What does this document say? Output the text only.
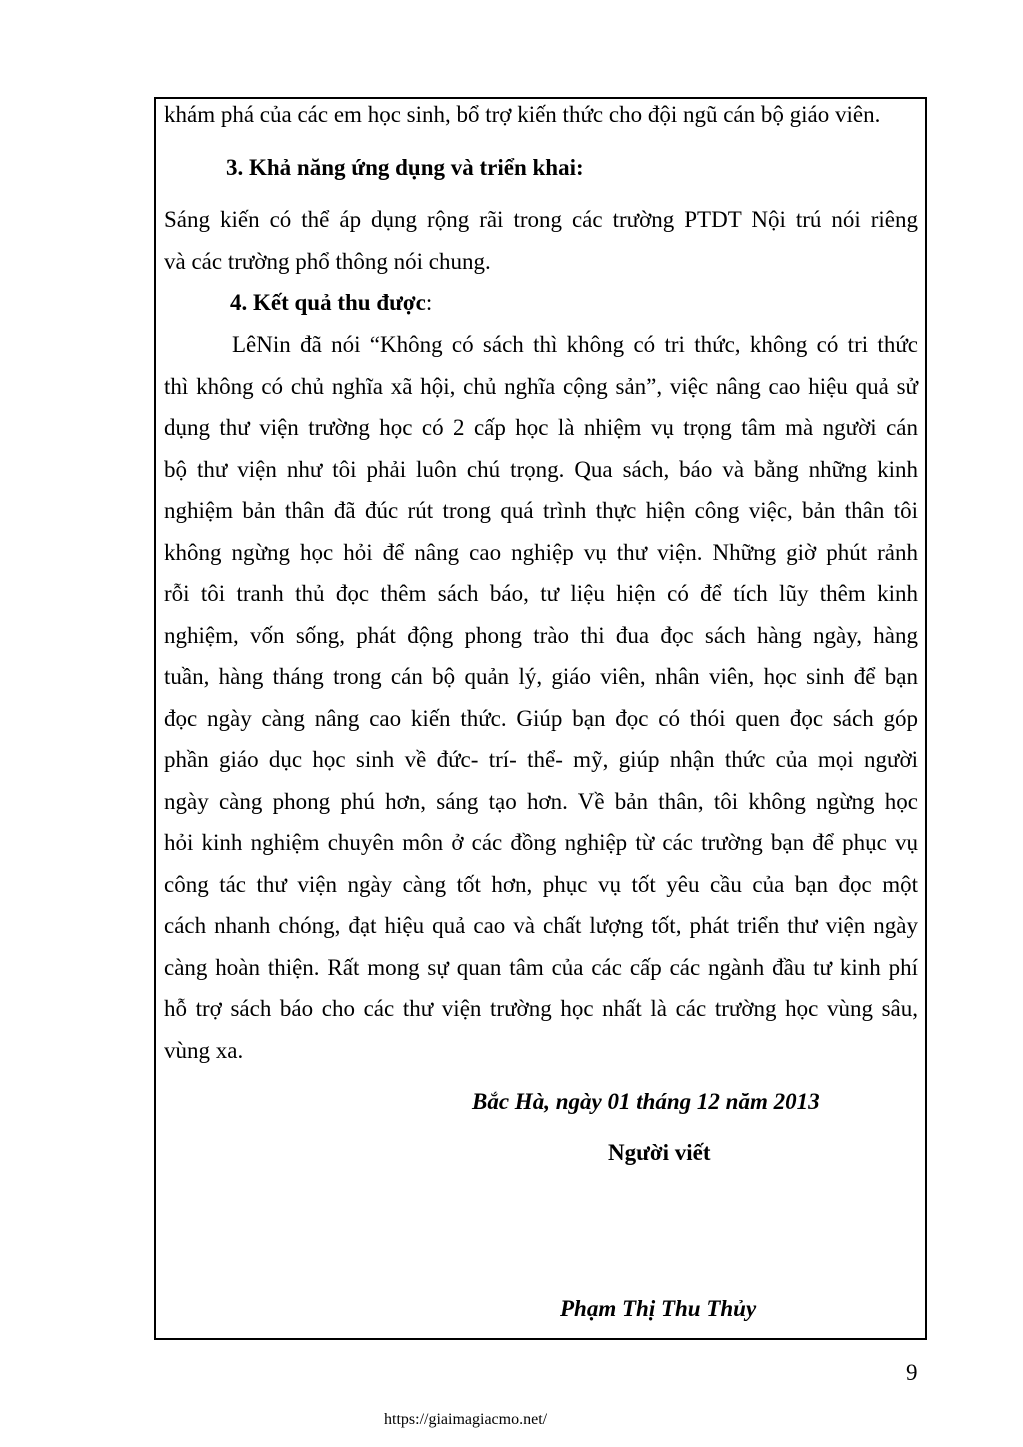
khám phá của các em học sinh, bổ trợ kiến thức cho đội ngũ cán bộ giáo viên.
3. Khả năng ứng dụng và triển khai:
Sáng kiến có thể áp dụng rộng rãi trong các trường PTDT Nội trú nói riêng
và các trường phổ thông nói chung.
4. Kết quả thu được:
LêNin đã nói “Không có sách thì không có tri thức, không có tri thức
thì không có chủ nghĩa xã hội, chủ nghĩa cộng sản”, việc nâng cao hiệu quả sử
dụng thư viện trường học có 2 cấp học là nhiệm vụ trọng tâm mà người cán
bộ thư viện như tôi phải luôn chú trọng. Qua sách, báo và bằng những kinh
nghiệm bản thân đã đúc rút trong quá trình thực hiện công việc, bản thân tôi
không ngừng học hỏi để nâng cao nghiệp vụ thư viện. Những giờ phút rảnh
rỗi tôi tranh thủ đọc thêm sách báo, tư liệu hiện có để tích lũy thêm kinh
nghiệm, vốn sống, phát động phong trào thi đua đọc sách hàng ngày, hàng
tuần, hàng tháng trong cán bộ quản lý, giáo viên, nhân viên, học sinh để bạn
đọc ngày càng nâng cao kiến thức. Giúp bạn đọc có thói quen đọc sách góp
phần giáo dục học sinh về đức- trí- thể- mỹ, giúp nhận thức của mọi người
ngày càng phong phú hơn, sáng tạo hơn. Về bản thân, tôi không ngừng học
hỏi kinh nghiệm chuyên môn ở các đồng nghiệp từ các trường bạn để phục vụ
công tác thư viện ngày càng tốt hơn, phục vụ tốt yêu cầu của bạn đọc một
cách nhanh chóng, đạt hiệu quả cao và chất lượng tốt, phát triển thư viện ngày
càng hoàn thiện. Rất mong sự quan tâm của các cấp các ngành đầu tư kinh phí
hỗ trợ sách báo cho các thư viện trường học nhất là các trường học vùng sâu,
vùng xa.
Bắc Hà, ngày 01 tháng 12 năm 2013
Người viết
Phạm Thị Thu Thủy
9
https://giaimagiacmo.net/
